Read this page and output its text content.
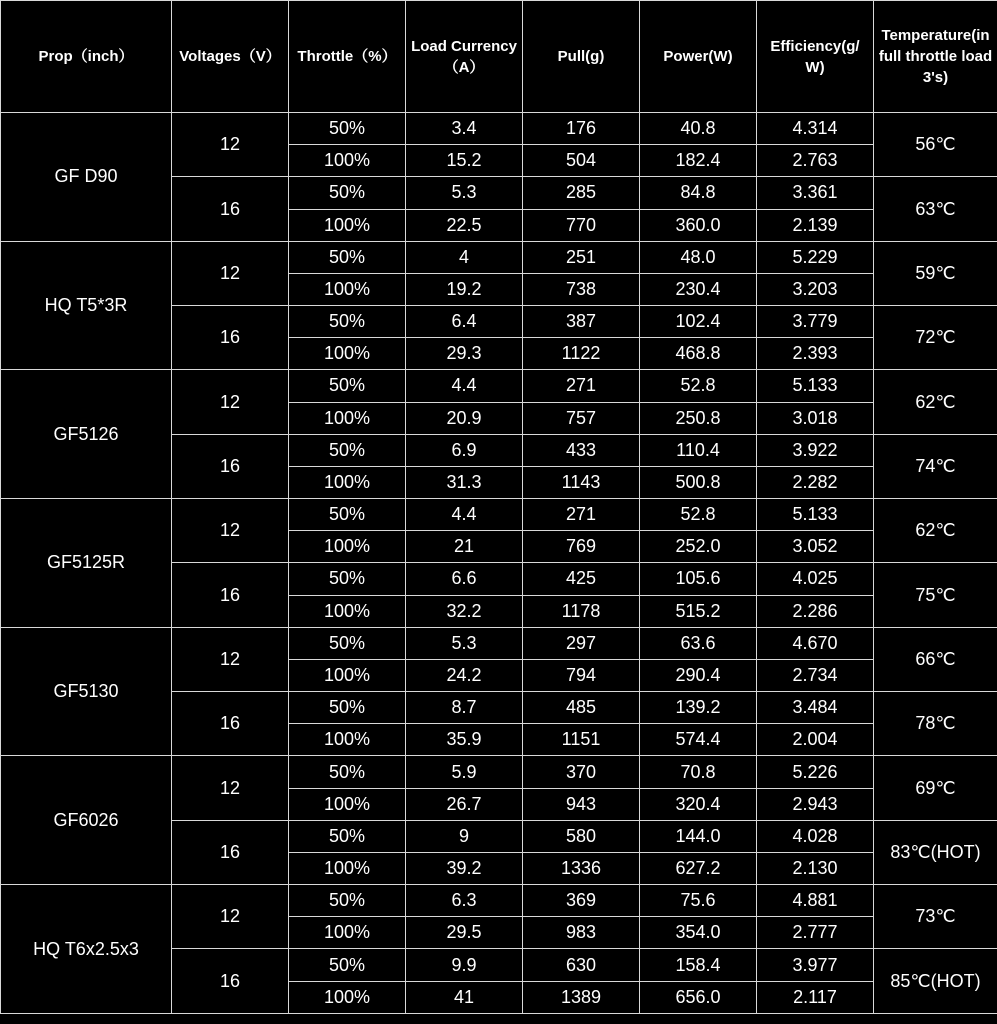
Prop（inch）	Voltages（V）	Throttle（%）	Load Currency（A）	Pull(g)	Power(W)	Efficiency(g/W)	Temperature(in full throttle load 3's)

GF D90	12	50%	3.4	176	40.8	4.314	56℃
		100%	15.2	504	182.4	2.763	
	16	50%	5.3	285	84.8	3.361	63℃
		100%	22.5	770	360.0	2.139	
HQ T5*3R	12	50%	4	251	48.0	5.229	59℃
		100%	19.2	738	230.4	3.203	
	16	50%	6.4	387	102.4	3.779	72℃
		100%	29.3	1122	468.8	2.393	
GF5126	12	50%	4.4	271	52.8	5.133	62℃
		100%	20.9	757	250.8	3.018	
	16	50%	6.9	433	110.4	3.922	74℃
		100%	31.3	1143	500.8	2.282	
GF5125R	12	50%	4.4	271	52.8	5.133	62℃
		100%	21	769	252.0	3.052	
	16	50%	6.6	425	105.6	4.025	75℃
		100%	32.2	1178	515.2	2.286	
GF5130	12	50%	5.3	297	63.6	4.670	66℃
		100%	24.2	794	290.4	2.734	
	16	50%	8.7	485	139.2	3.484	78℃
		100%	35.9	1151	574.4	2.004	
GF6026	12	50%	5.9	370	70.8	5.226	69℃
		100%	26.7	943	320.4	2.943	
	16	50%	9	580	144.0	4.028	83℃(HOT)
		100%	39.2	1336	627.2	2.130	
HQ T6x2.5x3	12	50%	6.3	369	75.6	4.881	73℃
		100%	29.5	983	354.0	2.777	
	16	50%	9.9	630	158.4	3.977	85℃(HOT)
		100%	41	1389	656.0	2.117	
